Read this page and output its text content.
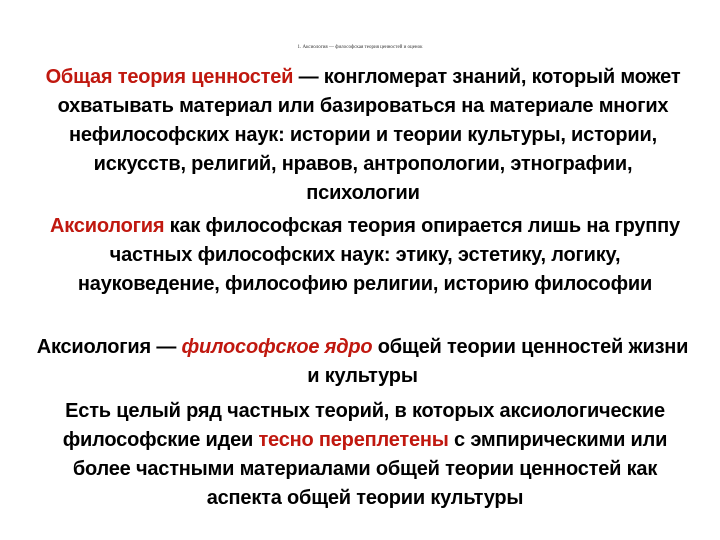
1. Аксиология — философская теория ценностей и оценок
Общая теория ценностей — конгломерат знаний, который может охватывать материал или базироваться на материале многих нефилософских наук: истории и теории культуры, истории, искусств, религий, нравов, антропологии, этнографии, психологии
Аксиология как философская теория опирается лишь на группу частных философских наук: этику, эстетику, логику, науковедение, философию религии, историю философии
Аксиология — философское ядро общей теории ценностей жизни и культуры
Есть целый ряд частных теорий, в которых аксиологические философские идеи тесно переплетены с эмпирическими или более частными материалами общей теории ценностей как аспекта общей теории культуры
